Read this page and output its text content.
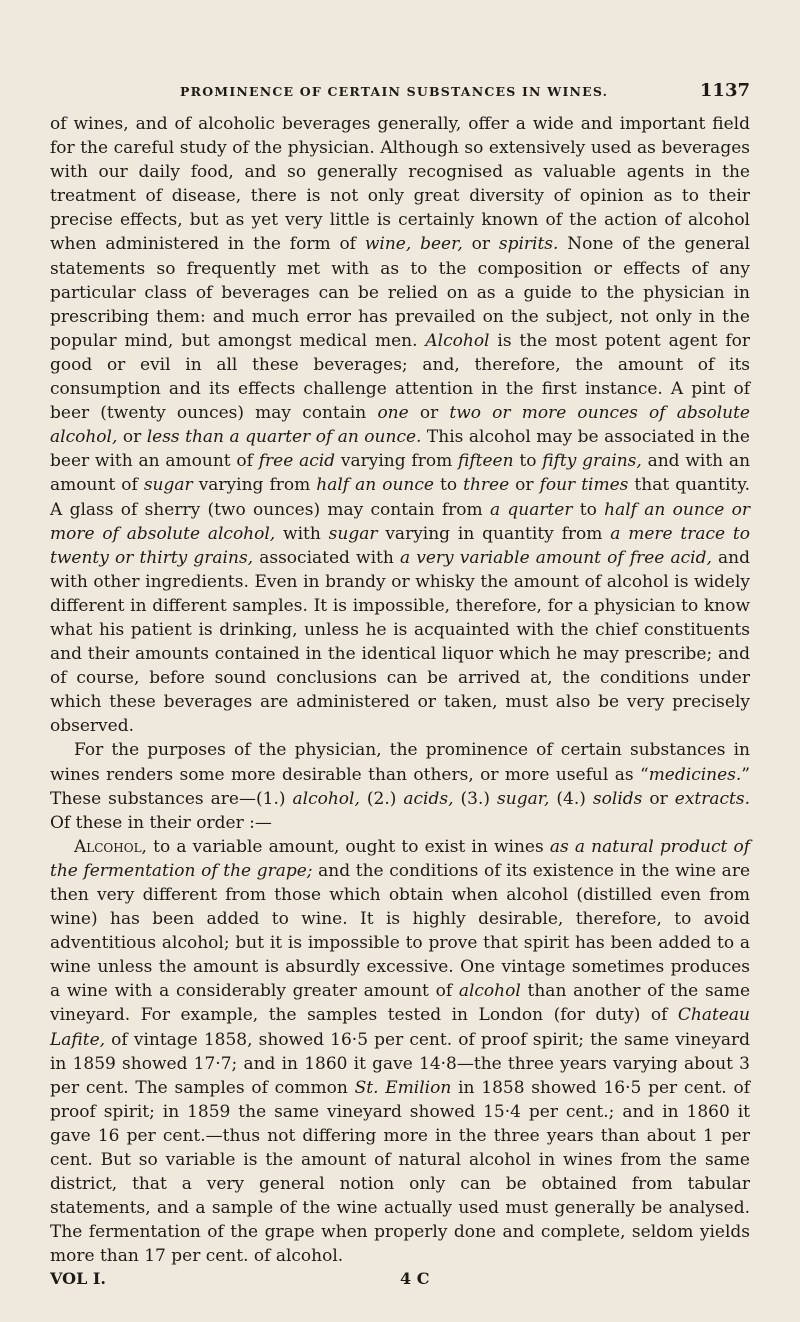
PROMINENCE OF CERTAIN SUBSTANCES IN WINES.	1137

of wines, and of alcoholic beverages generally, offer a wide and important field for the careful study of the physician. Although so extensively used as beverages with our daily food, and so generally recognised as valuable agents in the treatment of disease, there is not only great diversity of opinion as to their precise effects, but as yet very little is certainly known of the action of alcohol when administered in the form of wine, beer, or spirits. None of the general statements so frequently met with as to the composition or effects of any particular class of beverages can be relied on as a guide to the physician in prescribing them: and much error has prevailed on the subject, not only in the popular mind, but amongst medical men. Alcohol is the most potent agent for good or evil in all these beverages; and, therefore, the amount of its consumption and its effects challenge attention in the first instance. A pint of beer (twenty ounces) may contain one or two or more ounces of absolute alcohol, or less than a quarter of an ounce. This alcohol may be associated in the beer with an amount of free acid varying from fifteen to fifty grains, and with an amount of sugar varying from half an ounce to three or four times that quantity. A glass of sherry (two ounces) may contain from a quarter to half an ounce or more of absolute alcohol, with sugar varying in quantity from a mere trace to twenty or thirty grains, associated with a very variable amount of free acid, and with other ingredients. Even in brandy or whisky the amount of alcohol is widely different in different samples. It is impossible, therefore, for a physician to know what his patient is drinking, unless he is acquainted with the chief constituents and their amounts contained in the identical liquor which he may prescribe; and of course, before sound conclusions can be arrived at, the conditions under which these beverages are administered or taken, must also be very precisely observed.

For the purposes of the physician, the prominence of certain substances in wines renders some more desirable than others, or more useful as “medicines.” These substances are—(1.) alcohol, (2.) acids, (3.) sugar, (4.) solids or extracts. Of these in their order :—

Alcohol, to a variable amount, ought to exist in wines as a natural product of the fermentation of the grape; and the conditions of its existence in the wine are then very different from those which obtain when alcohol (distilled even from wine) has been added to wine. It is highly desirable, therefore, to avoid adventitious alcohol; but it is impossible to prove that spirit has been added to a wine unless the amount is absurdly excessive. One vintage sometimes produces a wine with a considerably greater amount of alcohol than another of the same vineyard. For example, the samples tested in London (for duty) of Chateau Lafite, of vintage 1858, showed 16·5 per cent. of proof spirit; the same vineyard in 1859 showed 17·7; and in 1860 it gave 14·8—the three years varying about 3 per cent. The samples of common St. Emilion in 1858 showed 16·5 per cent. of proof spirit; in 1859 the same vineyard showed 15·4 per cent.; and in 1860 it gave 16 per cent.—thus not differing more in the three years than about 1 per cent. But so variable is the amount of natural alcohol in wines from the same district, that a very general notion only can be obtained from tabular statements, and a sample of the wine actually used must generally be analysed. The fermentation of the grape when properly done and complete, seldom yields more than 17 per cent. of alcohol.

VOL I.	4 C
